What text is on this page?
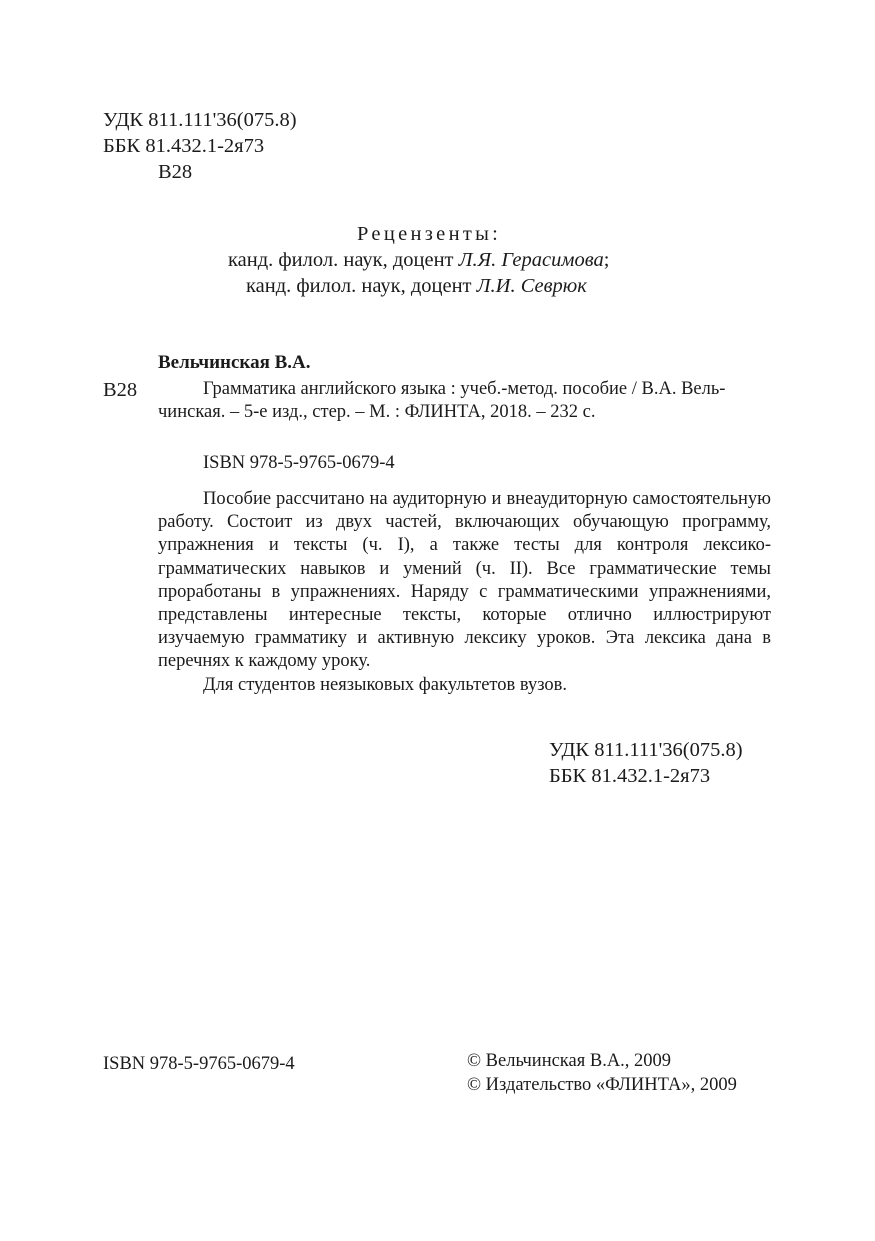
УДК 811.111'36(075.8)
ББК 81.432.1-2я73
В28
Рецензенты:
канд. филол. наук, доцент Л.Я. Герасимова;
канд. филол. наук, доцент Л.И. Севрюк
Вельчинская В.А.
В28	Грамматика английского языка : учеб.-метод. пособие / В.А. Вель-
чинская. – 5-е изд., стер. – М. : ФЛИНТА, 2018. – 232 с.
ISBN 978-5-9765-0679-4

Пособие рассчитано на аудиторную и внеаудиторную самостоятельную работу. Состоит из двух частей, включающих обучающую программу, упражнения и тексты (ч. I), а также тесты для контроля лексико-грамматических навыков и умений (ч. II). Все грамматические темы проработаны в упражнениях. Наряду с грамматическими упражнениями, представлены интересные тексты, которые отлично иллюстрируют изучаемую грамматику и активную лексику уроков. Эта лексика дана в перечнях к каждому уроку.

Для студентов неязыковых факультетов вузов.

УДК 811.111'36(075.8)
ББК 81.432.1-2я73
ISBN 978-5-9765-0679-4	© Вельчинская В.А., 2009
© Издательство «ФЛИНТА», 2009
